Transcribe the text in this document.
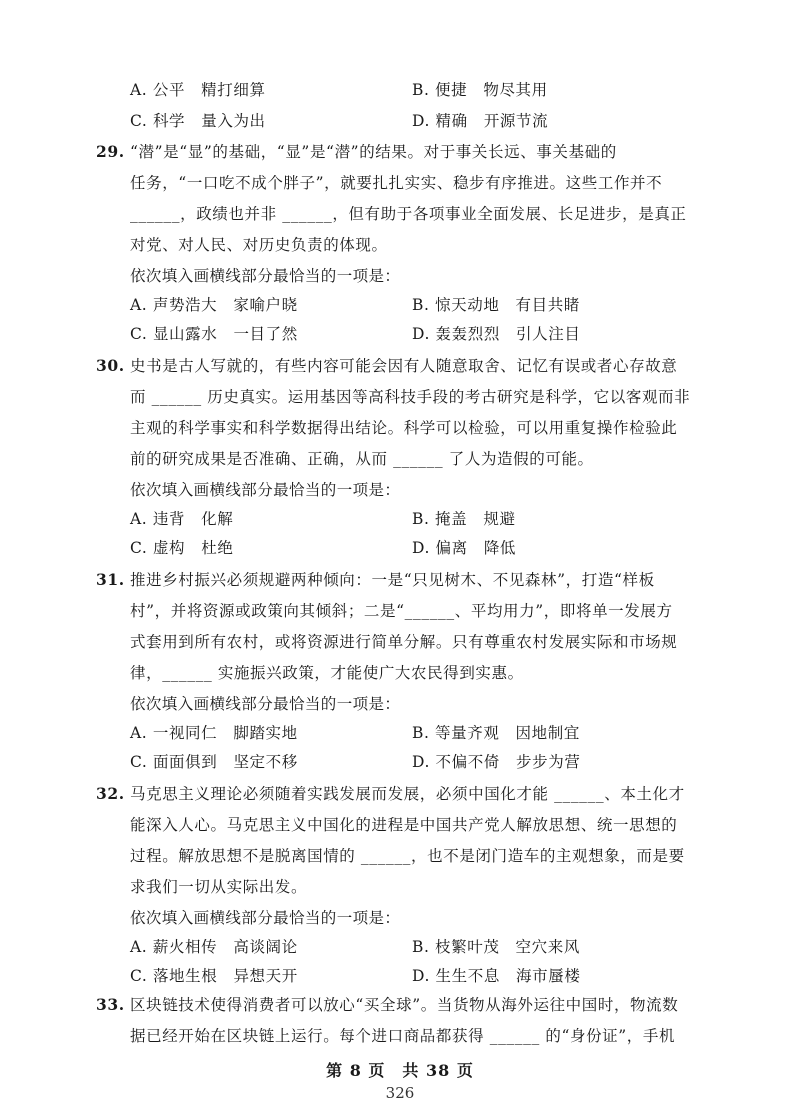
A. 公平　精打细算	B. 便捷　物尽其用
C. 科学　量入为出	D. 精确　开源节流
29. “潜”是“显”的基础，“显”是“潜”的结果。对于事关长远、事关基础的
任务，“一口吃不成个胖子”，就要扎扎实实、稳步有序推进。这些工作并不
______，政绩也并非 ______，但有助于各项事业全面发展、长足进步，是真正
对党、对人民、对历史负责的体现。
依次填入画横线部分最恰当的一项是：
A. 声势浩大　家喻户晓	B. 惊天动地　有目共睹
C. 显山露水　一目了然	D. 轰轰烈烈　引人注目
30. 史书是古人写就的，有些内容可能会因有人随意取舍、记忆有误或者心存故意
而 ______ 历史真实。运用基因等高科技手段的考古研究是科学，它以客观而非
主观的科学事实和科学数据得出结论。科学可以检验，可以用重复操作检验此
前的研究成果是否准确、正确，从而 ______ 了人为造假的可能。
依次填入画横线部分最恰当的一项是：
A. 违背　化解	B. 掩盖　规避
C. 虚构　杜绝	D. 偏离　降低
31. 推进乡村振兴必须规避两种倾向：一是“只见树木、不见森林”，打造“样板
村”，并将资源或政策向其倾斜；二是“______、平均用力”，即将单一发展方
式套用到所有农村，或将资源进行简单分解。只有尊重农村发展实际和市场规
律，______ 实施振兴政策，才能使广大农民得到实惠。
依次填入画横线部分最恰当的一项是：
A. 一视同仁　脚踏实地	B. 等量齐观　因地制宜
C. 面面俱到　坚定不移	D. 不偏不倚　步步为营
32. 马克思主义理论必须随着实践发展而发展，必须中国化才能 ______、本土化才
能深入人心。马克思主义中国化的进程是中国共产党人解放思想、统一思想的
过程。解放思想不是脱离国情的 ______，也不是闭门造车的主观想象，而是要
求我们一切从实际出发。
依次填入画横线部分最恰当的一项是：
A. 薪火相传　高谈阔论	B. 枝繁叶茂　空穴来风
C. 落地生根　异想天开	D. 生生不息　海市蜃楼
第 8 页　共 38 页
326
33. 区块链技术使得消费者可以放心“买全球”。当货物从海外运往中国时，物流数
据已经开始在区块链上运行。每个进口商品都获得 ______ 的“身份证”，手机
